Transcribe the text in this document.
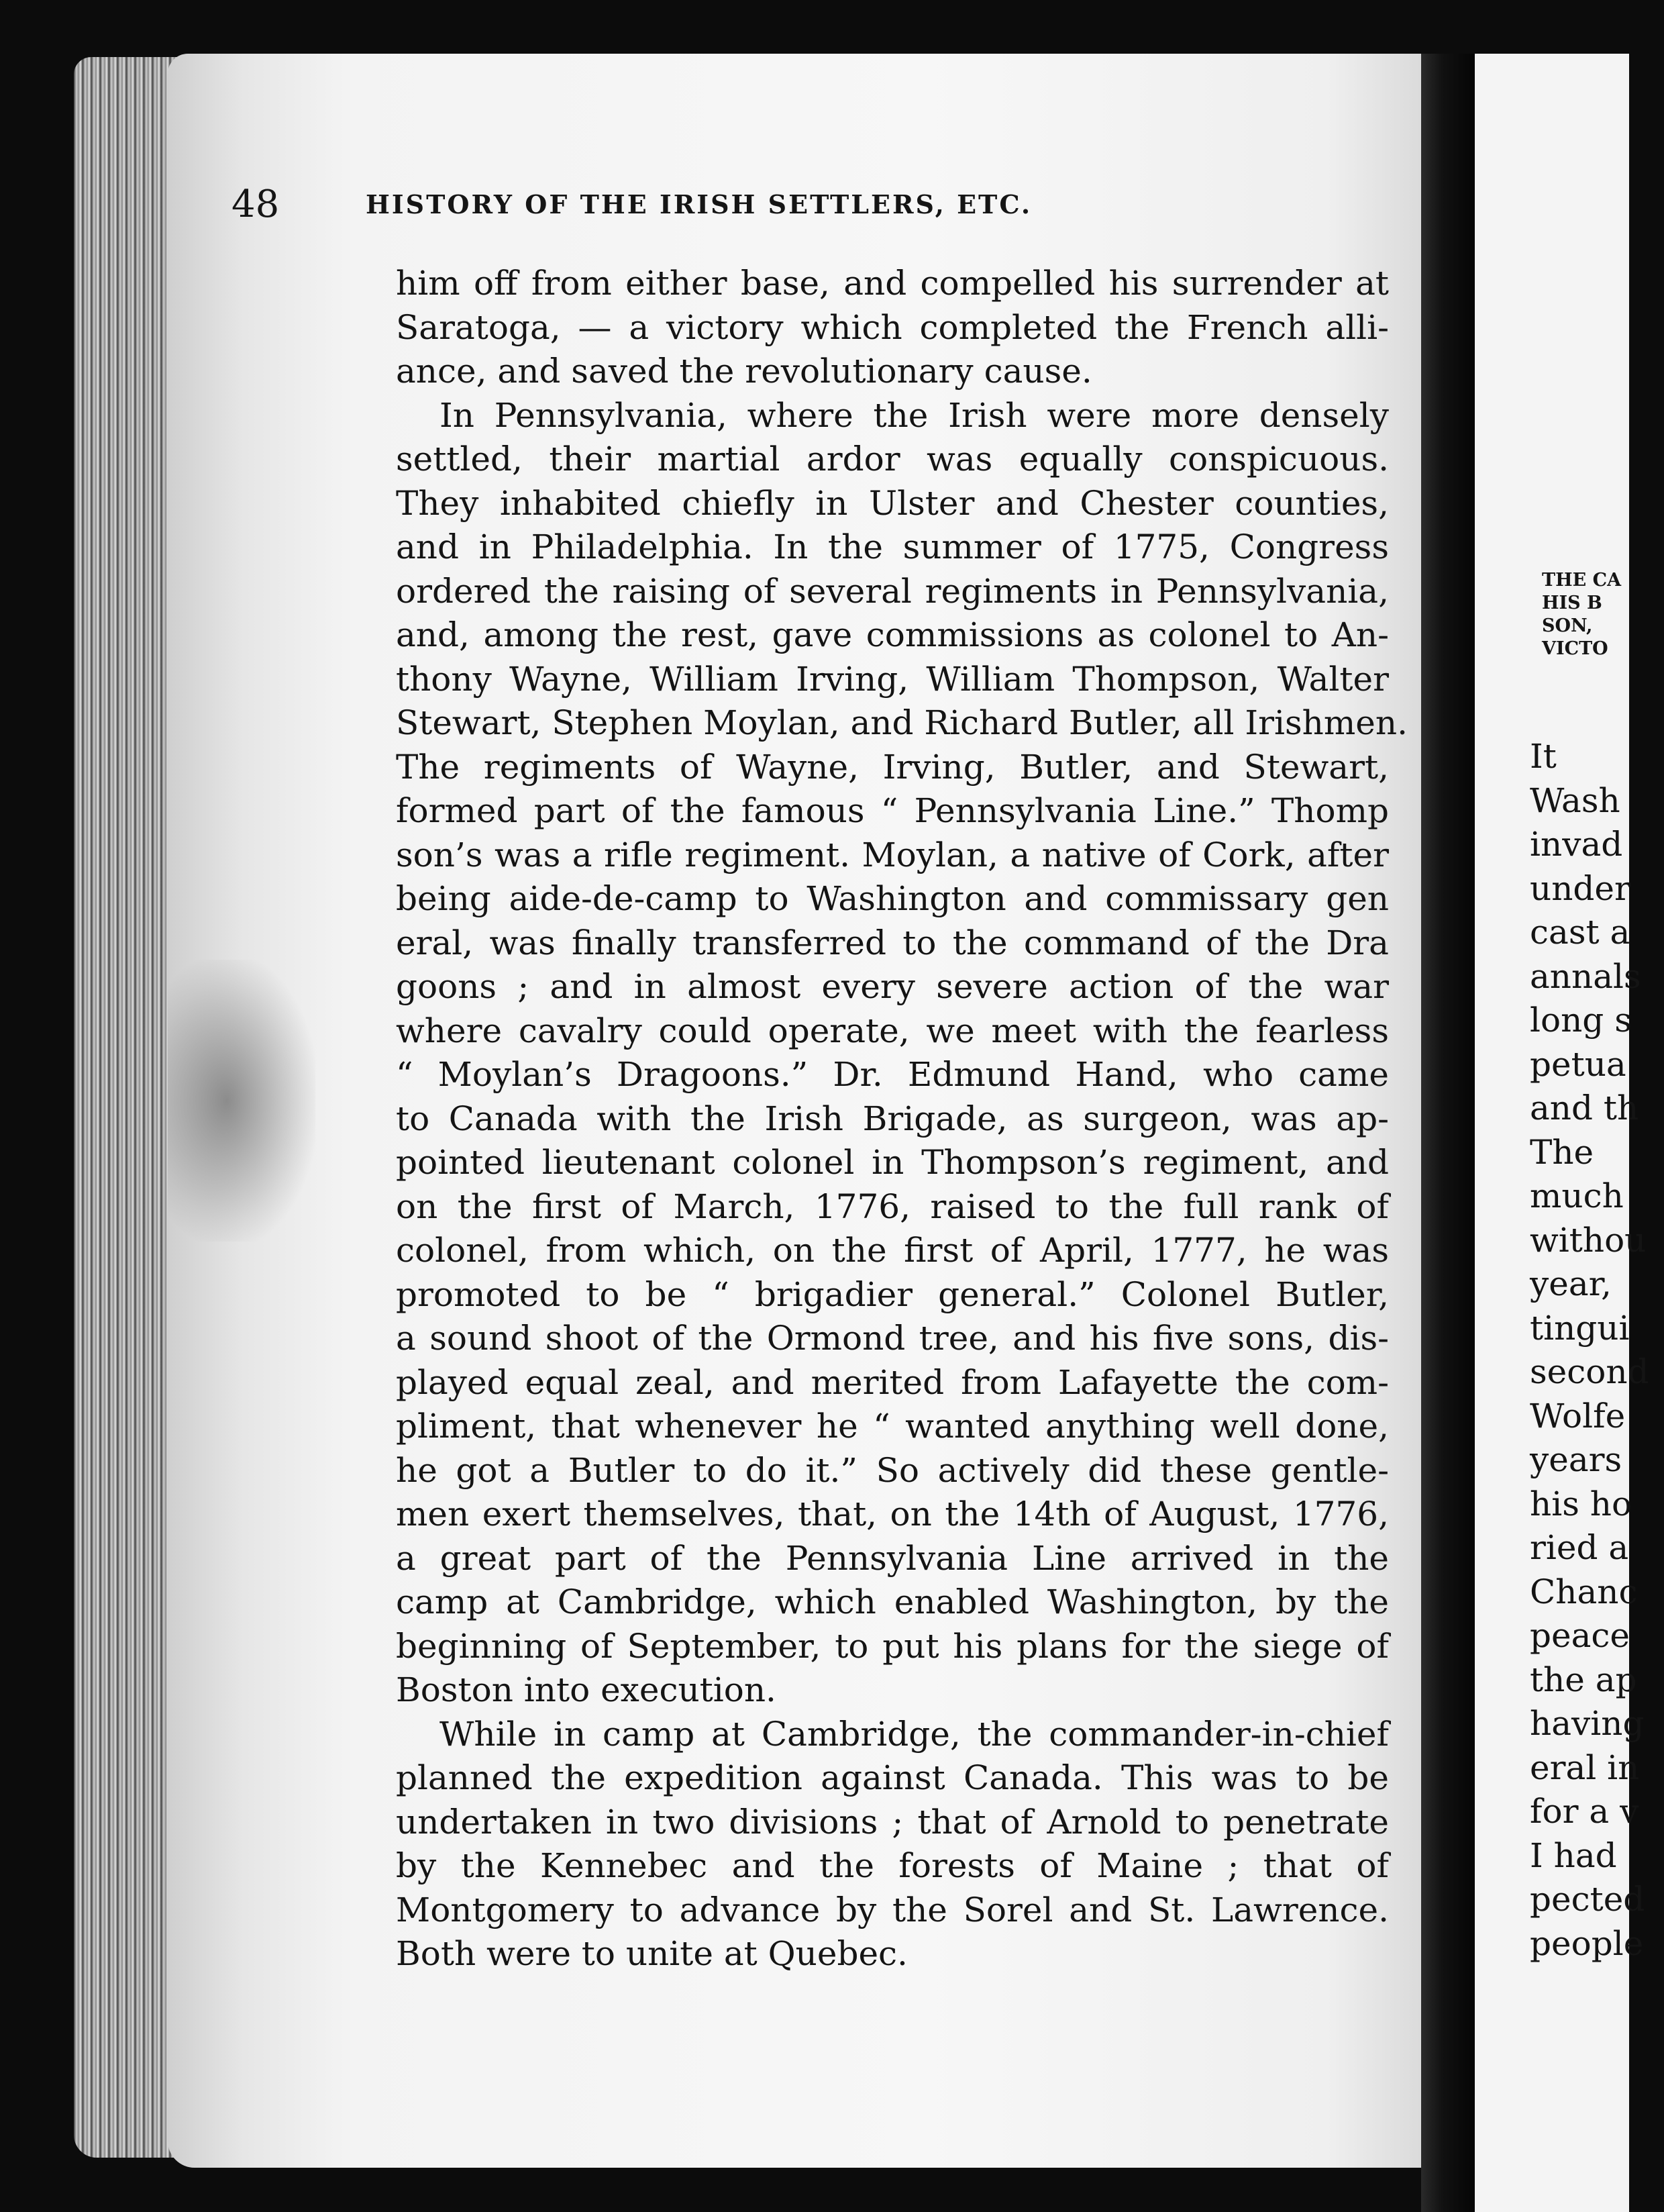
48	HISTORY OF THE IRISH SETTLERS, ETC.
him off from either base, and compelled his surrender at
Saratoga, — a victory which completed the French alli-
ance, and saved the revolutionary cause.
In Pennsylvania, where the Irish were more densely
settled, their martial ardor was equally conspicuous.
They inhabited chiefly in Ulster and Chester counties,
and in Philadelphia. In the summer of 1775, Congress
ordered the raising of several regiments in Pennsylvania,
and, among the rest, gave commissions as colonel to An-
thony Wayne, William Irving, William Thompson, Walter
Stewart, Stephen Moylan, and Richard Butler, all Irishmen.
The regiments of Wayne, Irving, Butler, and Stewart,
formed part of the famous “ Pennsylvania Line.” Thomp
son’s was a rifle regiment. Moylan, a native of Cork, after
being aide-de-camp to Washington and commissary gen
eral, was finally transferred to the command of the Dra
goons ; and in almost every severe action of the war
where cavalry could operate, we meet with the fearless
“ Moylan’s Dragoons.” Dr. Edmund Hand, who came
to Canada with the Irish Brigade, as surgeon, was ap-
pointed lieutenant colonel in Thompson’s regiment, and
on the first of March, 1776, raised to the full rank of
colonel, from which, on the first of April, 1777, he was
promoted to be “ brigadier general.” Colonel Butler,
a sound shoot of the Ormond tree, and his five sons, dis-
played equal zeal, and merited from Lafayette the com-
pliment, that whenever he “ wanted anything well done,
he got a Butler to do it.” So actively did these gentle-
men exert themselves, that, on the 14th of August, 1776,
a great part of the Pennsylvania Line arrived in the
camp at Cambridge, which enabled Washington, by the
beginning of September, to put his plans for the siege of
Boston into execution.
While in camp at Cambridge, the commander-in-chief
planned the expedition against Canada. This was to be
undertaken in two divisions ; that of Arnold to penetrate
by the Kennebec and the forests of Maine ; that of
Montgomery to advance by the Sorel and St. Lawrence.
Both were to unite at Quebec.
THE CA
HIS B
SON,
VICTO
It
Wash
invad
under
cast a
annals
long s
petua
and th
The
much
withou
year,
tingui
second
Wolfe
years
his ho
ried a
Chanc
peace
the ap
having
eral in
for a v
I had
pected
people
